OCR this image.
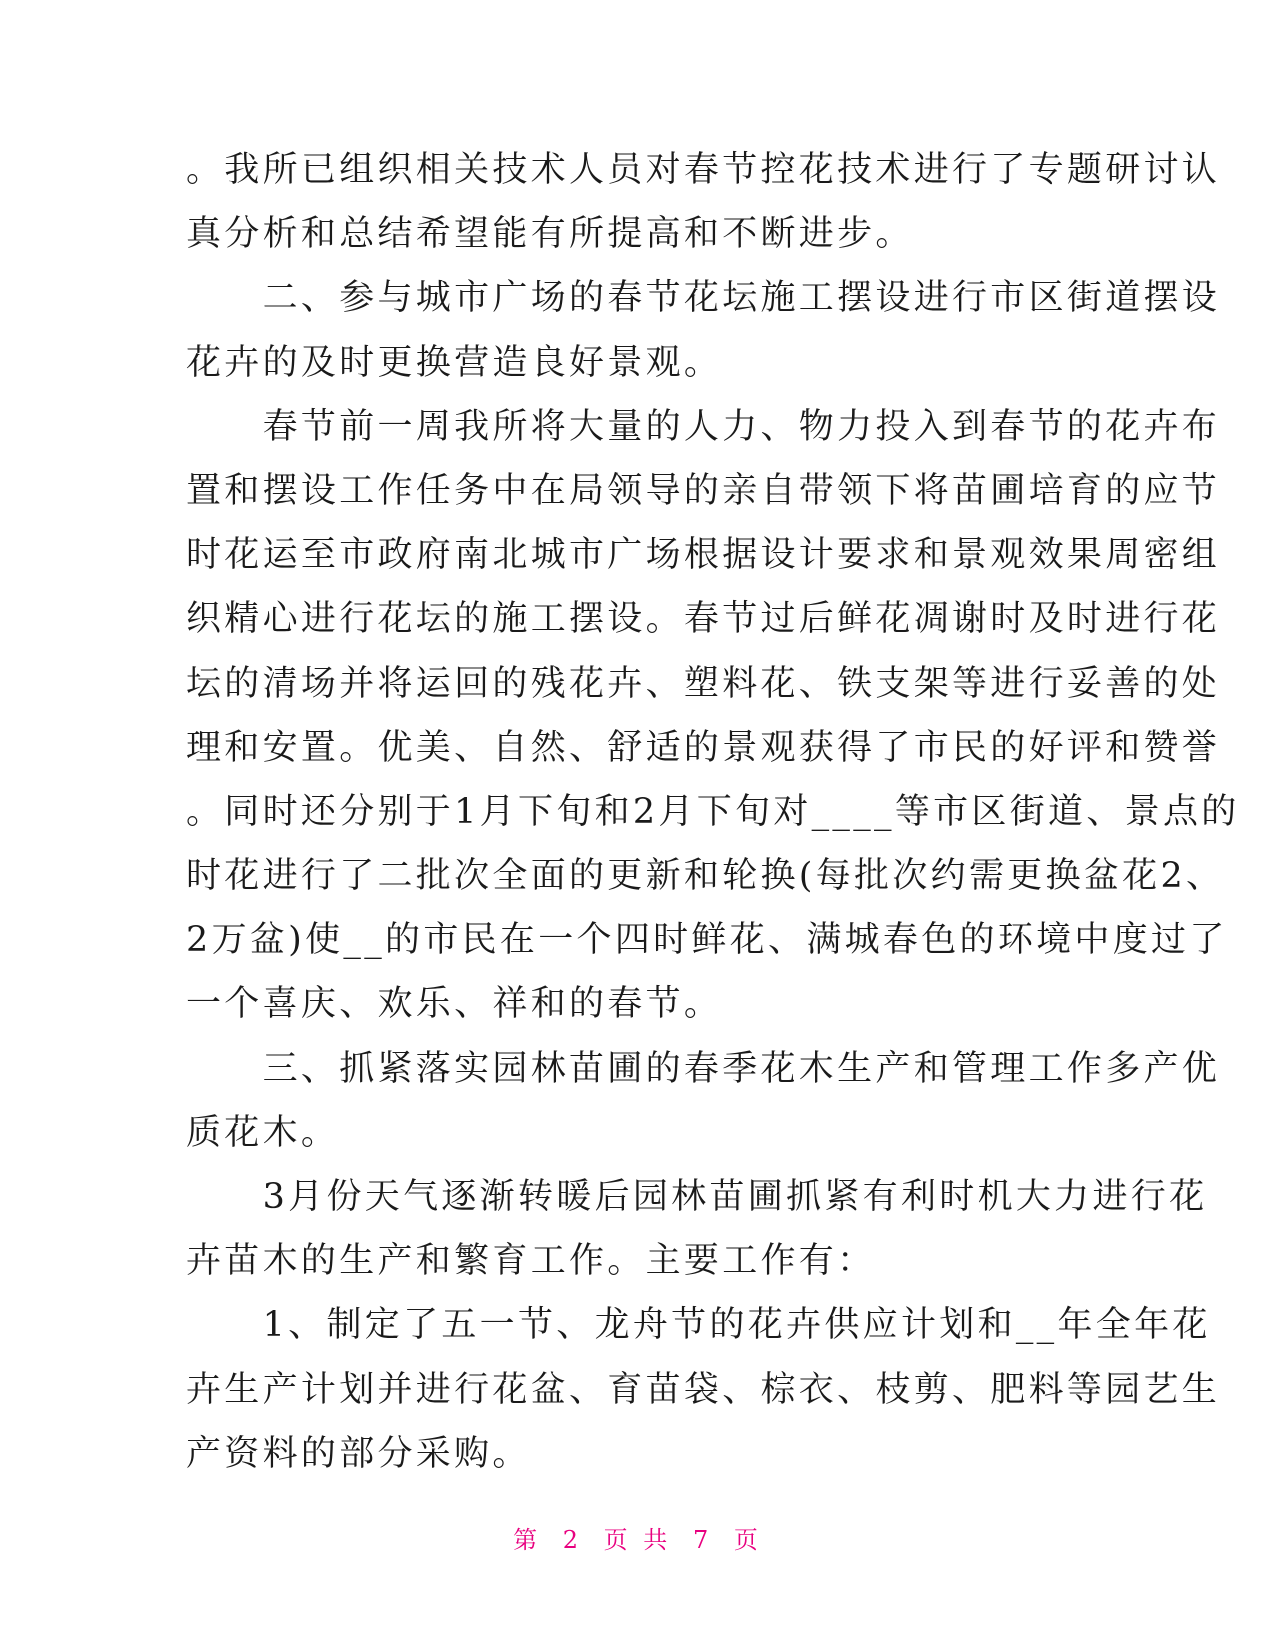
。我所已组织相关技术人员对春节控花技术进行了专题研讨认
真分析和总结希望能有所提高和不断进步。
　　二、参与城市广场的春节花坛施工摆设进行市区街道摆设
花卉的及时更换营造良好景观。
　　春节前一周我所将大量的人力、物力投入到春节的花卉布
置和摆设工作任务中在局领导的亲自带领下将苗圃培育的应节
时花运至市政府南北城市广场根据设计要求和景观效果周密组
织精心进行花坛的施工摆设。春节过后鲜花凋谢时及时进行花
坛的清场并将运回的残花卉、塑料花、铁支架等进行妥善的处
理和安置。优美、自然、舒适的景观获得了市民的好评和赞誉
。同时还分别于1月下旬和2月下旬对____等市区街道、景点的
时花进行了二批次全面的更新和轮换(每批次约需更换盆花2、
2万盆)使__的市民在一个四时鲜花、满城春色的环境中度过了
一个喜庆、欢乐、祥和的春节。
　　三、抓紧落实园林苗圃的春季花木生产和管理工作多产优
质花木。
　　3月份天气逐渐转暖后园林苗圃抓紧有利时机大力进行花
卉苗木的生产和繁育工作。主要工作有：
　　1、制定了五一节、龙舟节的花卉供应计划和__年全年花
卉生产计划并进行花盆、育苗袋、棕衣、枝剪、肥料等园艺生
产资料的部分采购。
第 2 页 共 7 页
